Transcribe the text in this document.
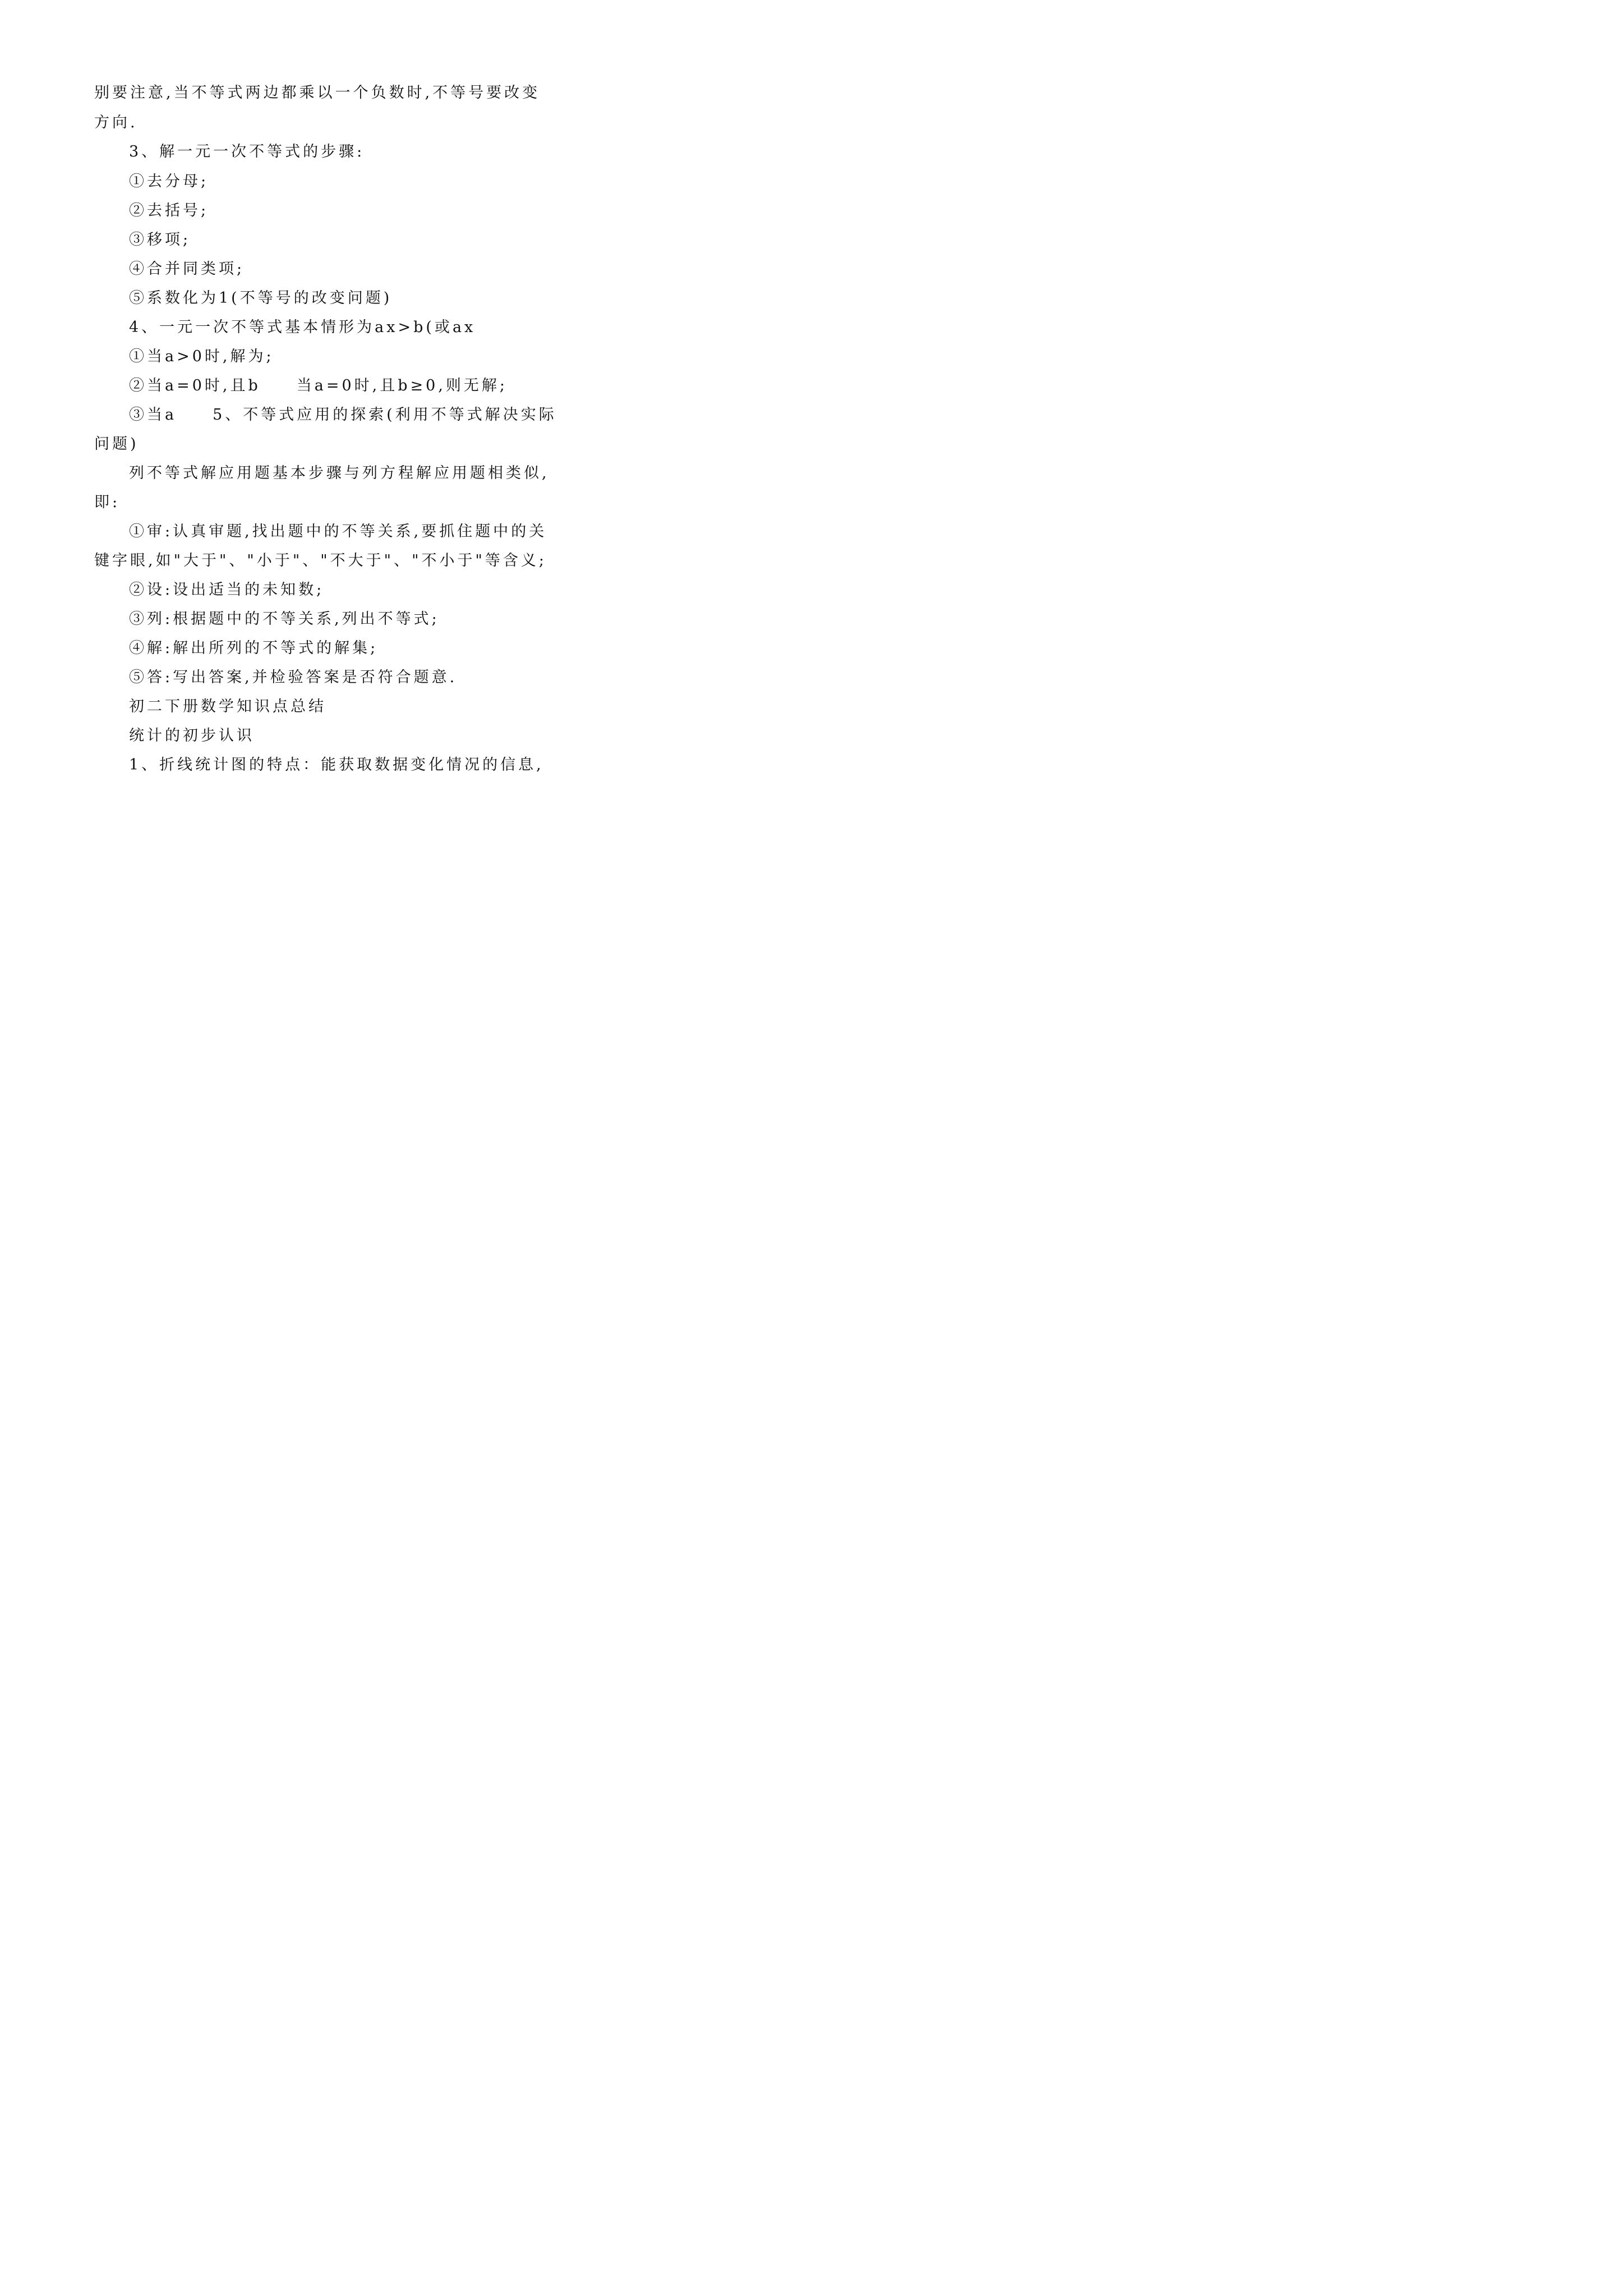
别要注意,当不等式两边都乘以一个负数时,不等号要改变
方向.
3、解一元一次不等式的步骤:
①去分母;
②去括号;
③移项;
④合并同类项;
⑤系数化为1(不等号的改变问题)
4、一元一次不等式基本情形为ax>b(或ax
①当a>0时,解为;
②当a=0时,且b　　当a=0时,且b≥0,则无解;
③当a　　5、不等式应用的探索(利用不等式解决实际
问题)
列不等式解应用题基本步骤与列方程解应用题相类似,
即:
①审:认真审题,找出题中的不等关系,要抓住题中的关
键字眼,如"大于"、"小于"、"不大于"、"不小于"等含义;
②设:设出适当的未知数;
③列:根据题中的不等关系,列出不等式;
④解:解出所列的不等式的解集;
⑤答:写出答案,并检验答案是否符合题意.
初二下册数学知识点总结
统计的初步认识
1、折线统计图的特点：能获取数据变化情况的信息,
